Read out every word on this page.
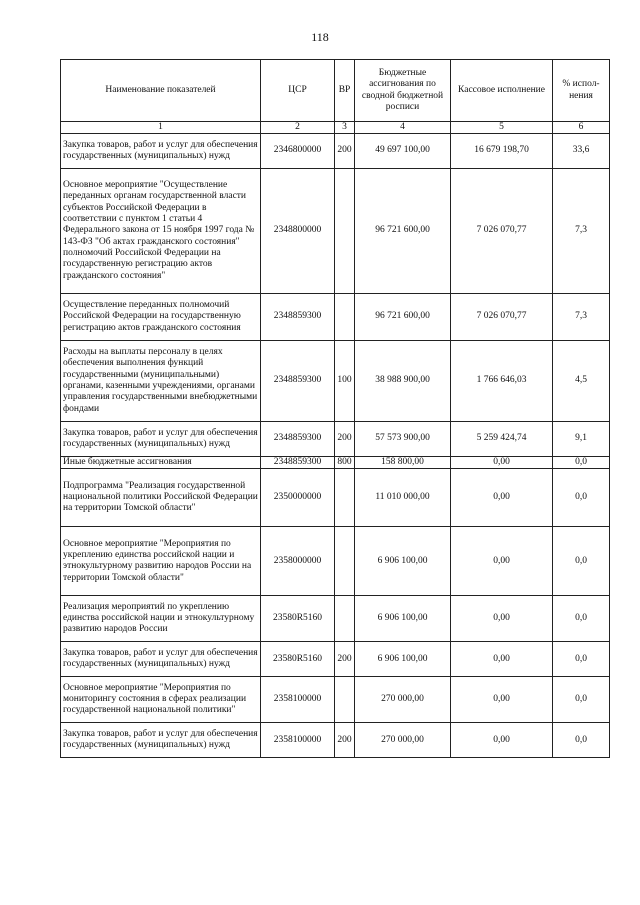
118
Наименование показателей	ЦСР	ВР	Бюджетные ассигнования по сводной бюджетной росписи	Кассовое исполнение	% испол-нения
1	2	3	4	5	6
Закупка товаров, работ и услуг для обеспечения государственных (муниципальных) нужд	2346800000	200	49 697 100,00	16 679 198,70	33,6
Основное мероприятие "Осуществление переданных органам государственной власти субъектов Российской Федерации в соответствии с пунктом 1 статьи 4 Федерального закона от 15 ноября 1997 года № 143-ФЗ "Об актах гражданского состояния" полномочий Российской Федерации на государственную регистрацию актов гражданского состояния"	2348800000		96 721 600,00	7 026 070,77	7,3
Осуществление переданных полномочий Российской Федерации на государственную регистрацию актов гражданского состояния	2348859300		96 721 600,00	7 026 070,77	7,3
Расходы на выплаты персоналу в целях обеспечения выполнения функций государственными (муниципальными) органами, казенными учреждениями, органами управления государственными внебюджетными фондами	2348859300	100	38 988 900,00	1 766 646,03	4,5
Закупка товаров, работ и услуг для обеспечения государственных (муниципальных) нужд	2348859300	200	57 573 900,00	5 259 424,74	9,1
Иные бюджетные ассигнования	2348859300	800	158 800,00	0,00	0,0
Подпрограмма "Реализация государственной национальной политики Российской Федерации на территории Томской области"	2350000000		11 010 000,00	0,00	0,0
Основное мероприятие "Мероприятия по укреплению единства российской нации и этнокультурному развитию народов России на территории Томской области"	2358000000		6 906 100,00	0,00	0,0
Реализация мероприятий по укреплению единства российской нации и этнокультурному развитию народов России	23580R5160		6 906 100,00	0,00	0,0
Закупка товаров, работ и услуг для обеспечения государственных (муниципальных) нужд	23580R5160	200	6 906 100,00	0,00	0,0
Основное мероприятие "Мероприятия по мониторингу состояния в сферах реализации государственной национальной политики"	2358100000		270 000,00	0,00	0,0
Закупка товаров, работ и услуг для обеспечения государственных (муниципальных) нужд	2358100000	200	270 000,00	0,00	0,0
